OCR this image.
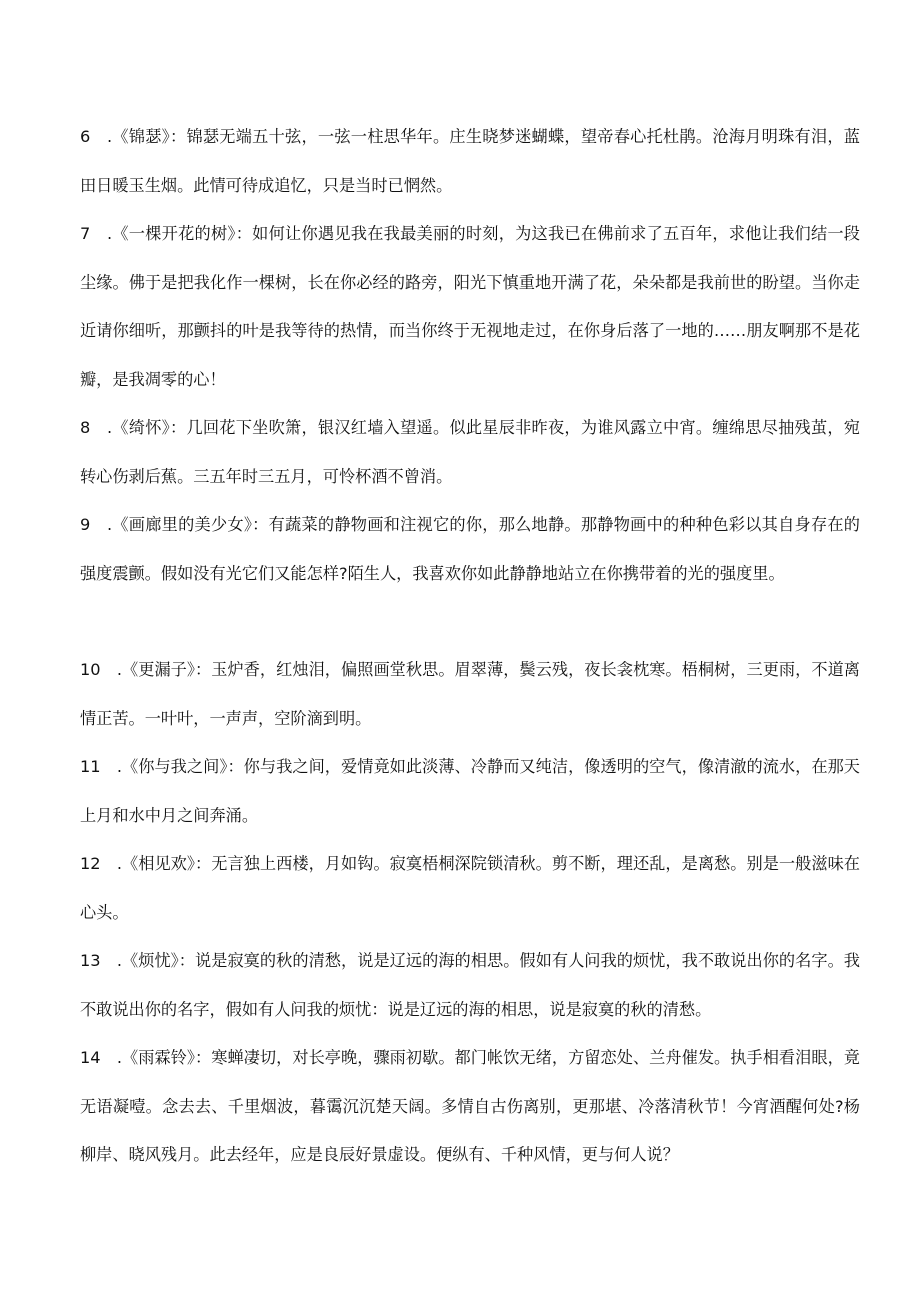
6　.《锦瑟》：锦瑟无端五十弦，一弦一柱思华年。庄生晓梦迷蝴蝶，望帝春心托杜鹃。沧海月明珠有泪，蓝田日暖玉生烟。此情可待成追忆，只是当时已惘然。

7　.《一棵开花的树》：如何让你遇见我在我最美丽的时刻，为这我已在佛前求了五百年，求他让我们结一段尘缘。佛于是把我化作一棵树，长在你必经的路旁，阳光下慎重地开满了花，朵朵都是我前世的盼望。当你走近请你细听，那颤抖的叶是我等待的热情，而当你终于无视地走过，在你身后落了一地的……朋友啊那不是花瓣，是我凋零的心！

8　.《绮怀》：几回花下坐吹箫，银汉红墙入望遥。似此星辰非昨夜，为谁风露立中宵。缠绵思尽抽残茧，宛转心伤剥后蕉。三五年时三五月，可怜杯酒不曾消。

9　.《画廊里的美少女》：有蔬菜的静物画和注视它的你，那么地静。那静物画中的种种色彩以其自身存在的强度震颤。假如没有光它们又能怎样?陌生人，我喜欢你如此静静地站立在你携带着的光的强度里。

10　.《更漏子》：玉炉香，红烛泪，偏照画堂秋思。眉翠薄，鬓云残，夜长衾枕寒。梧桐树，三更雨，不道离情正苦。一叶叶，一声声，空阶滴到明。

11　.《你与我之间》：你与我之间，爱情竟如此淡薄、冷静而又纯洁，像透明的空气，像清澈的流水，在那天上月和水中月之间奔涌。

12　.《相见欢》：无言独上西楼，月如钩。寂寞梧桐深院锁清秋。剪不断，理还乱，是离愁。别是一般滋味在心头。

13　.《烦忧》：说是寂寞的秋的清愁，说是辽远的海的相思。假如有人问我的烦忧，我不敢说出你的名字。我不敢说出你的名字，假如有人问我的烦忧：说是辽远的海的相思，说是寂寞的秋的清愁。

14　.《雨霖铃》：寒蝉凄切，对长亭晚，骤雨初歇。都门帐饮无绪，方留恋处、兰舟催发。执手相看泪眼，竟无语凝噎。念去去、千里烟波，暮霭沉沉楚天阔。多情自古伤离别，更那堪、冷落清秋节！今宵酒醒何处?杨柳岸、晓风残月。此去经年，应是良辰好景虚设。便纵有、千种风情，更与何人说？
